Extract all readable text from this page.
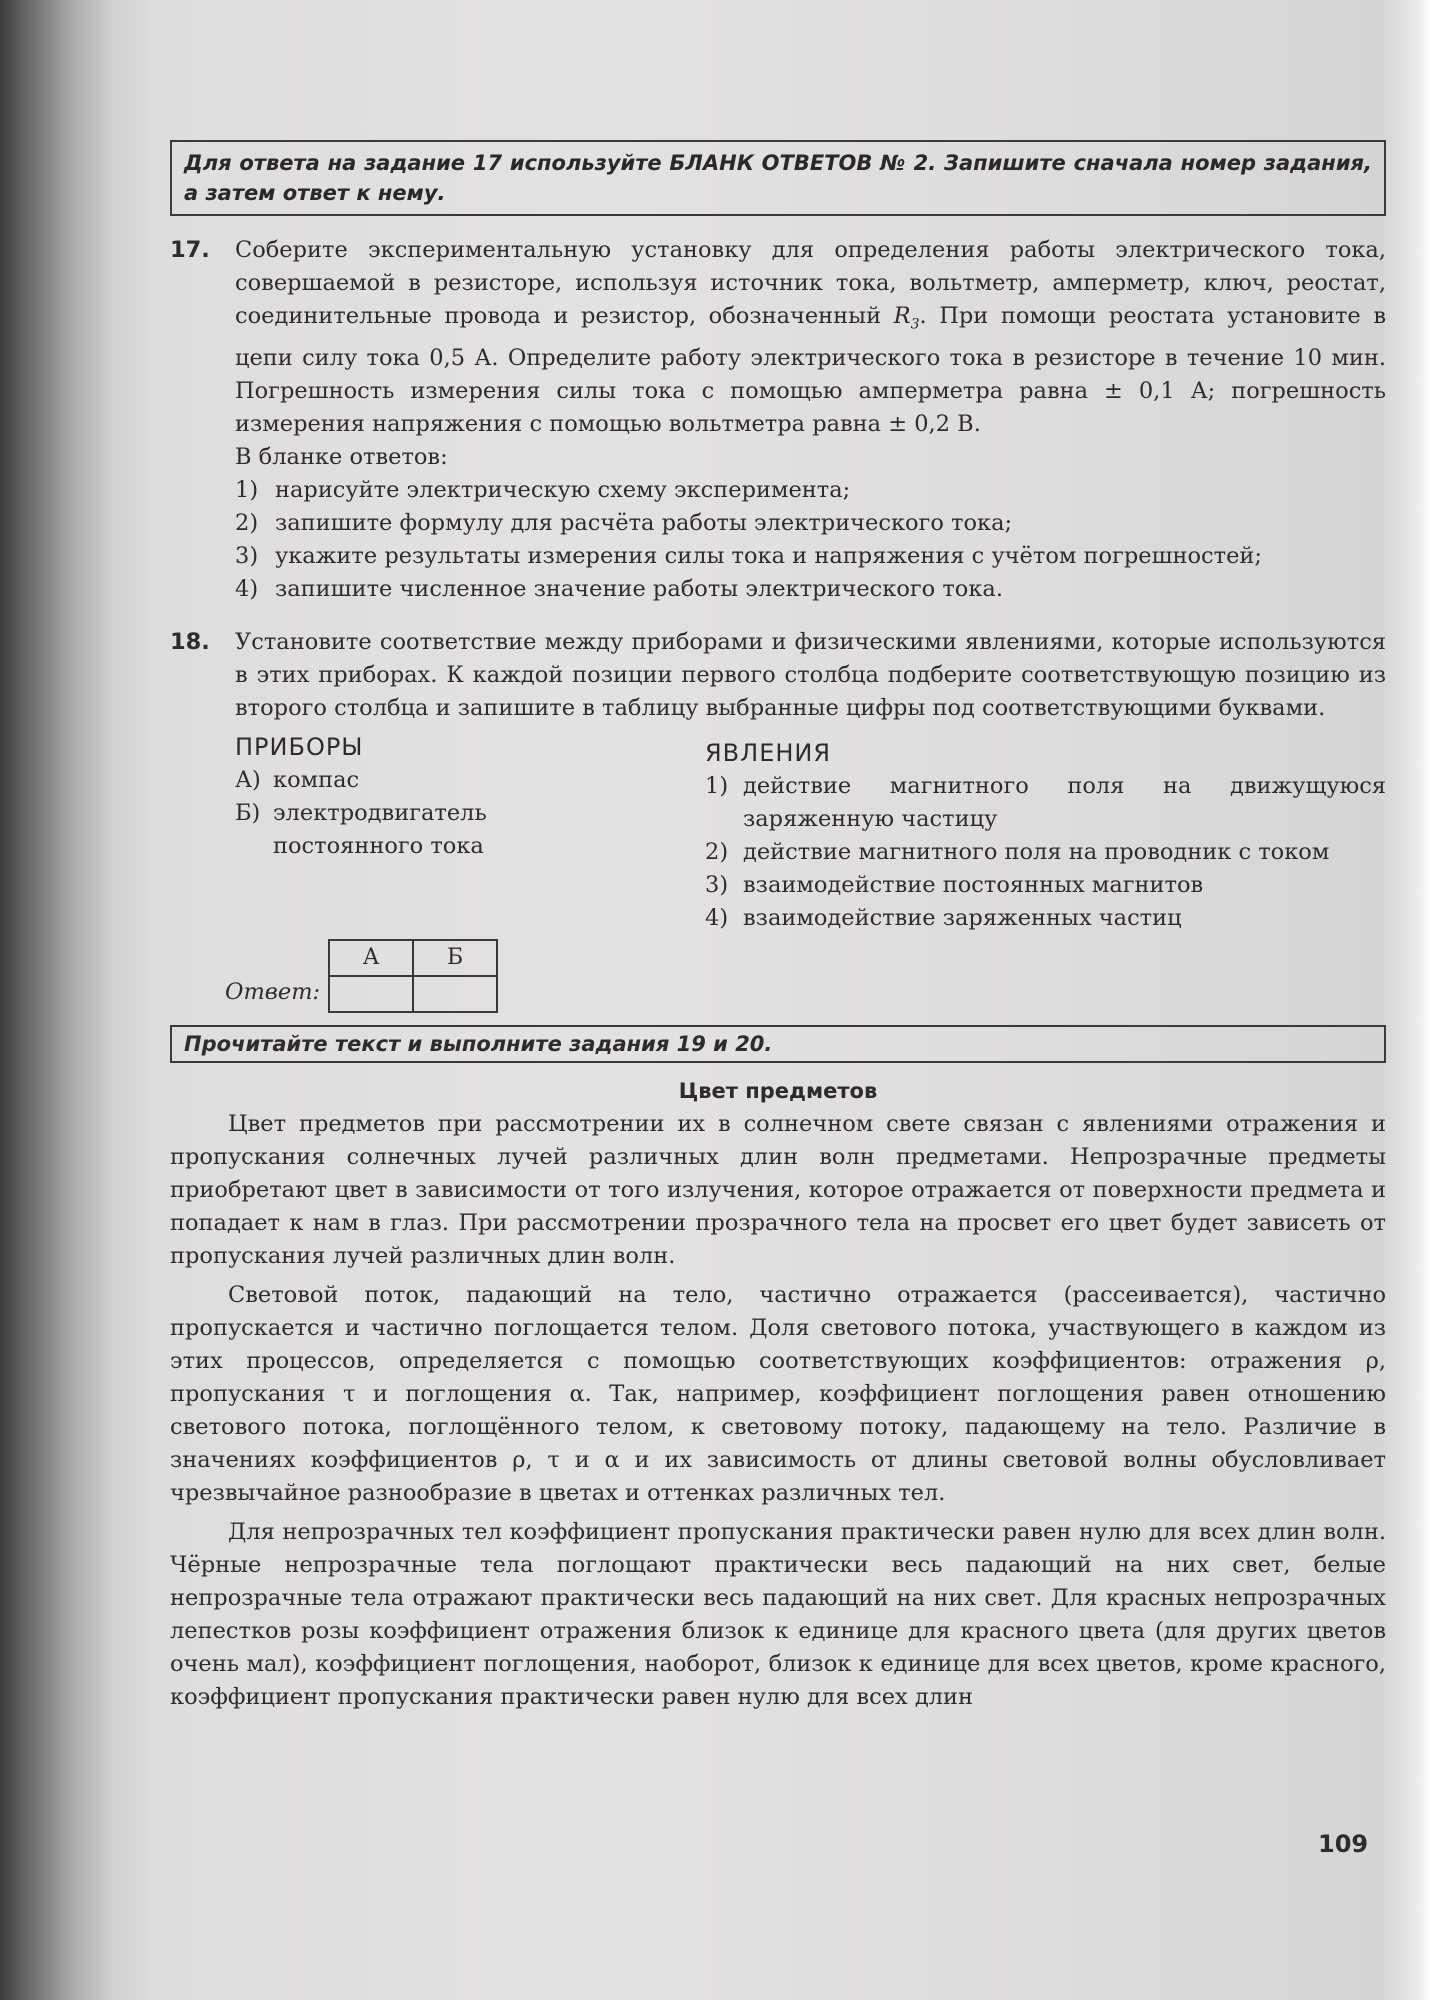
Для ответа на задание 17 используйте БЛАНК ОТВЕТОВ № 2. Запишите сначала номер задания, а затем ответ к нему.
17. Соберите экспериментальную установку для определения работы электрического тока, совершаемой в резисторе, используя источник тока, вольтметр, амперметр, ключ, реостат, соединительные провода и резистор, обозначенный $R_3$. При помощи реостата установите в цепи силу тока 0,5 А. Определите работу электрического тока в резисторе в течение 10 мин. Погрешность измерения силы тока с помощью амперметра равна ± 0,1 А; погрешность измерения напряжения с помощью вольтметра равна ± 0,2 В.

В бланке ответов:

1) нарисуйте электрическую схему эксперимента;
2) запишите формулу для расчёта работы электрического тока;
3) укажите результаты измерения силы тока и напряжения с учётом погрешностей;
4) запишите численное значение работы электрического тока.
18. Установите соответствие между приборами и физическими явлениями, которые используются в этих приборах. К каждой позиции первого столбца подберите соответствующую позицию из второго столбца и запишите в таблицу выбранные цифры под соответствующими буквами.

ПРИБОРЫ
А) компас
Б) электродвигатель постоянного тока
ЯВЛЕНИЯ
1) действие магнитного поля на движущуюся заряженную частицу
2) действие магнитного поля на проводник с током
3) взаимодействие постоянных магнитов
4) взаимодействие заряженных частиц
Ответ:
А	Б

Прочитайте текст и выполните задания 19 и 20.
Цвет предметов

Цвет предметов при рассмотрении их в солнечном свете связан с явлениями отражения и пропускания солнечных лучей различных длин волн предметами. Непрозрачные предметы приобретают цвет в зависимости от того излучения, которое отражается от поверхности предмета и попадает к нам в глаз. При рассмотрении прозрачного тела на просвет его цвет будет зависеть от пропускания лучей различных длин волн.

Световой поток, падающий на тело, частично отражается (рассеивается), частично пропускается и частично поглощается телом. Доля светового потока, участвующего в каждом из этих процессов, определяется с помощью соответствующих коэффициентов: отражения ρ, пропускания τ и поглощения α. Так, например, коэффициент поглощения равен отношению светового потока, поглощённого телом, к световому потоку, падающему на тело. Различие в значениях коэффициентов ρ, τ и α и их зависимость от длины световой волны обусловливает чрезвычайное разнообразие в цветах и оттенках различных тел.

Для непрозрачных тел коэффициент пропускания практически равен нулю для всех длин волн. Чёрные непрозрачные тела поглощают практически весь падающий на них свет, белые непрозрачные тела отражают практически весь падающий на них свет. Для красных непрозрачных лепестков розы коэффициент отражения близок к единице для красного цвета (для других цветов очень мал), коэффициент поглощения, наоборот, близок к единице для всех цветов, кроме красного, коэффициент пропускания практически равен нулю для всех длин

109
